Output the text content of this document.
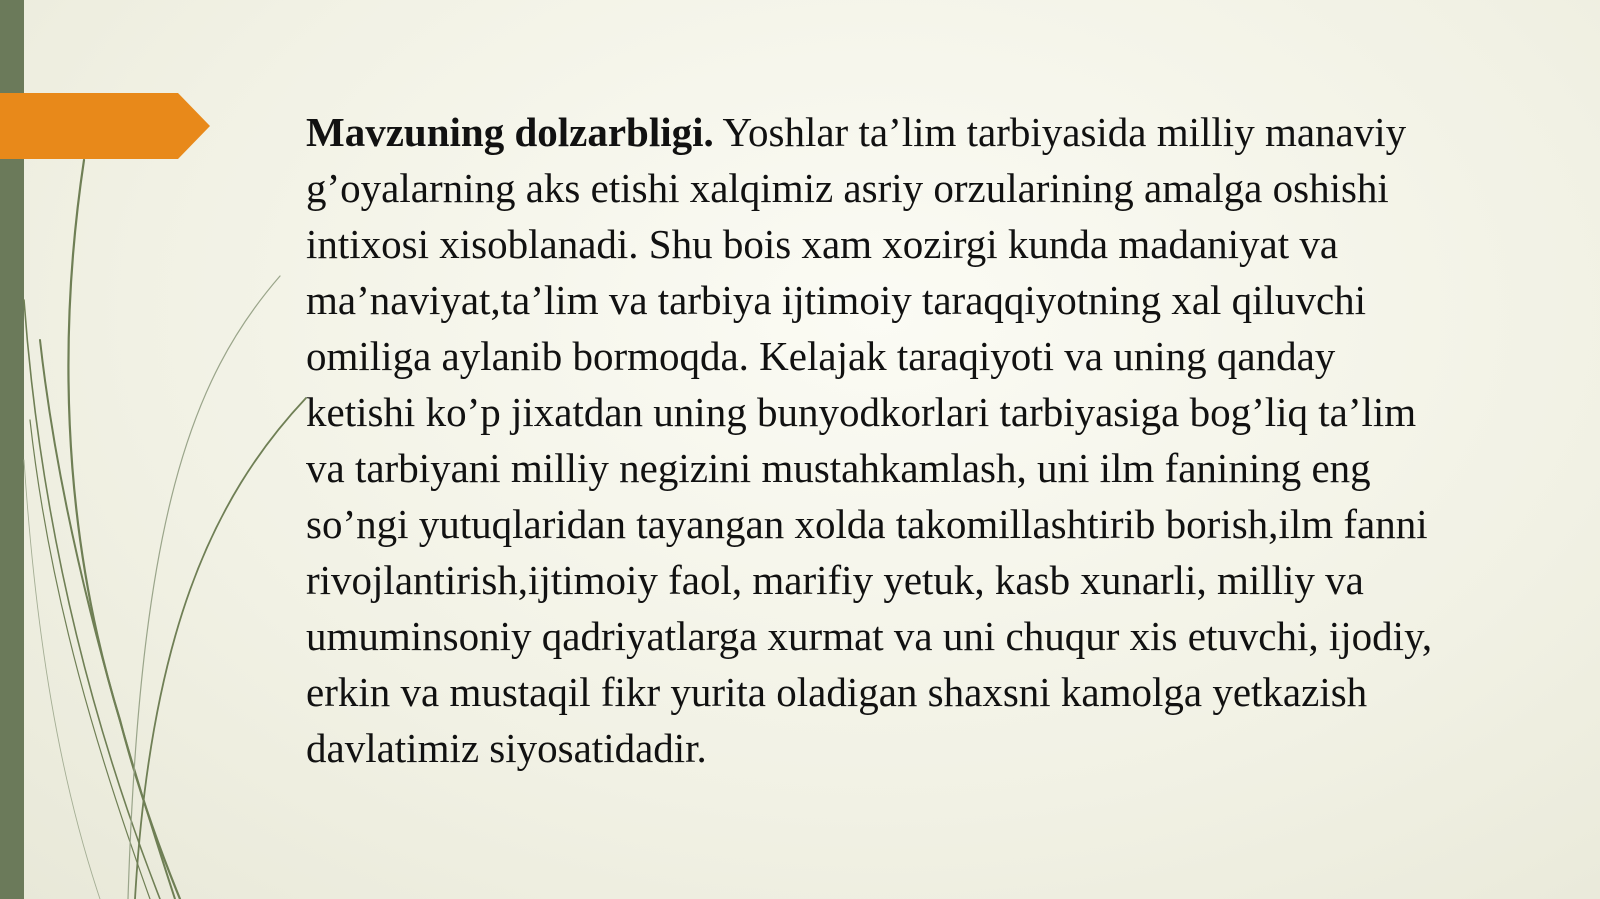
Mavzuning dolzarbligi. Yoshlar ta’lim tarbiyasida milliy manaviy g’oyalarning aks etishi xalqimiz asriy orzularining amalga oshishi intixosi xisoblanadi. Shu bois xam xozirgi kunda madaniyat va ma’naviyat,ta’lim va tarbiya ijtimoiy taraqqiyotning xal qiluvchi omiliga aylanib bormoqda. Kelajak taraqiyoti va uning qanday ketishi ko’p jixatdan uning bunyodkorlari tarbiyasiga bog’liq ta’lim va tarbiyani milliy negizini mustahkamlash, uni ilm fanining eng so’ngi yutuqlaridan tayangan xolda takomillashtirib borish,ilm fanni rivojlantirish,ijtimoiy faol, marifiy yetuk, kasb xunarli, milliy va umuminsoniy qadriyatlarga xurmat va uni chuqur xis etuvchi, ijodiy, erkin va mustaqil fikr yurita oladigan shaxsni kamolga yetkazish davlatimiz siyosatidadir.
